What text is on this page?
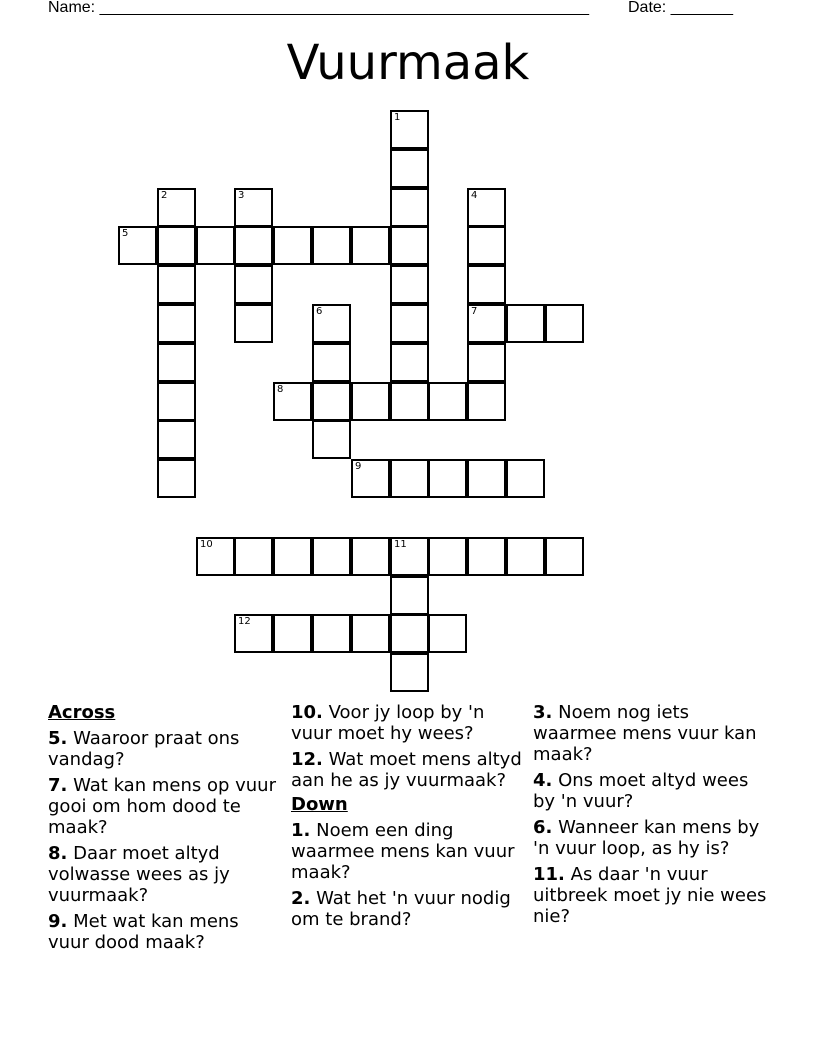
Name: _______________________________________________________ Date: _______
Vuurmaak
1
2	3	4
7
5
6
8
9
10	11
12
Across
5. Waaroor praat ons vandag?
7. Wat kan mens op vuur gooi om hom dood te maak?
8. Daar moet altyd volwasse wees as jy vuurmaak?
9. Met wat kan mens vuur dood maak?
10. Voor jy loop by 'n vuur moet hy wees?
12. Wat moet mens altyd aan he as jy vuurmaak?
Down
1. Noem een ding waarmee mens kan vuur maak?
2. Wat het 'n vuur nodig om te brand?
3. Noem nog iets waarmee mens vuur kan maak?
4. Ons moet altyd wees by 'n vuur?
6. Wanneer kan mens by 'n vuur loop, as hy is?
11. As daar 'n vuur uitbreek moet jy nie wees nie?
